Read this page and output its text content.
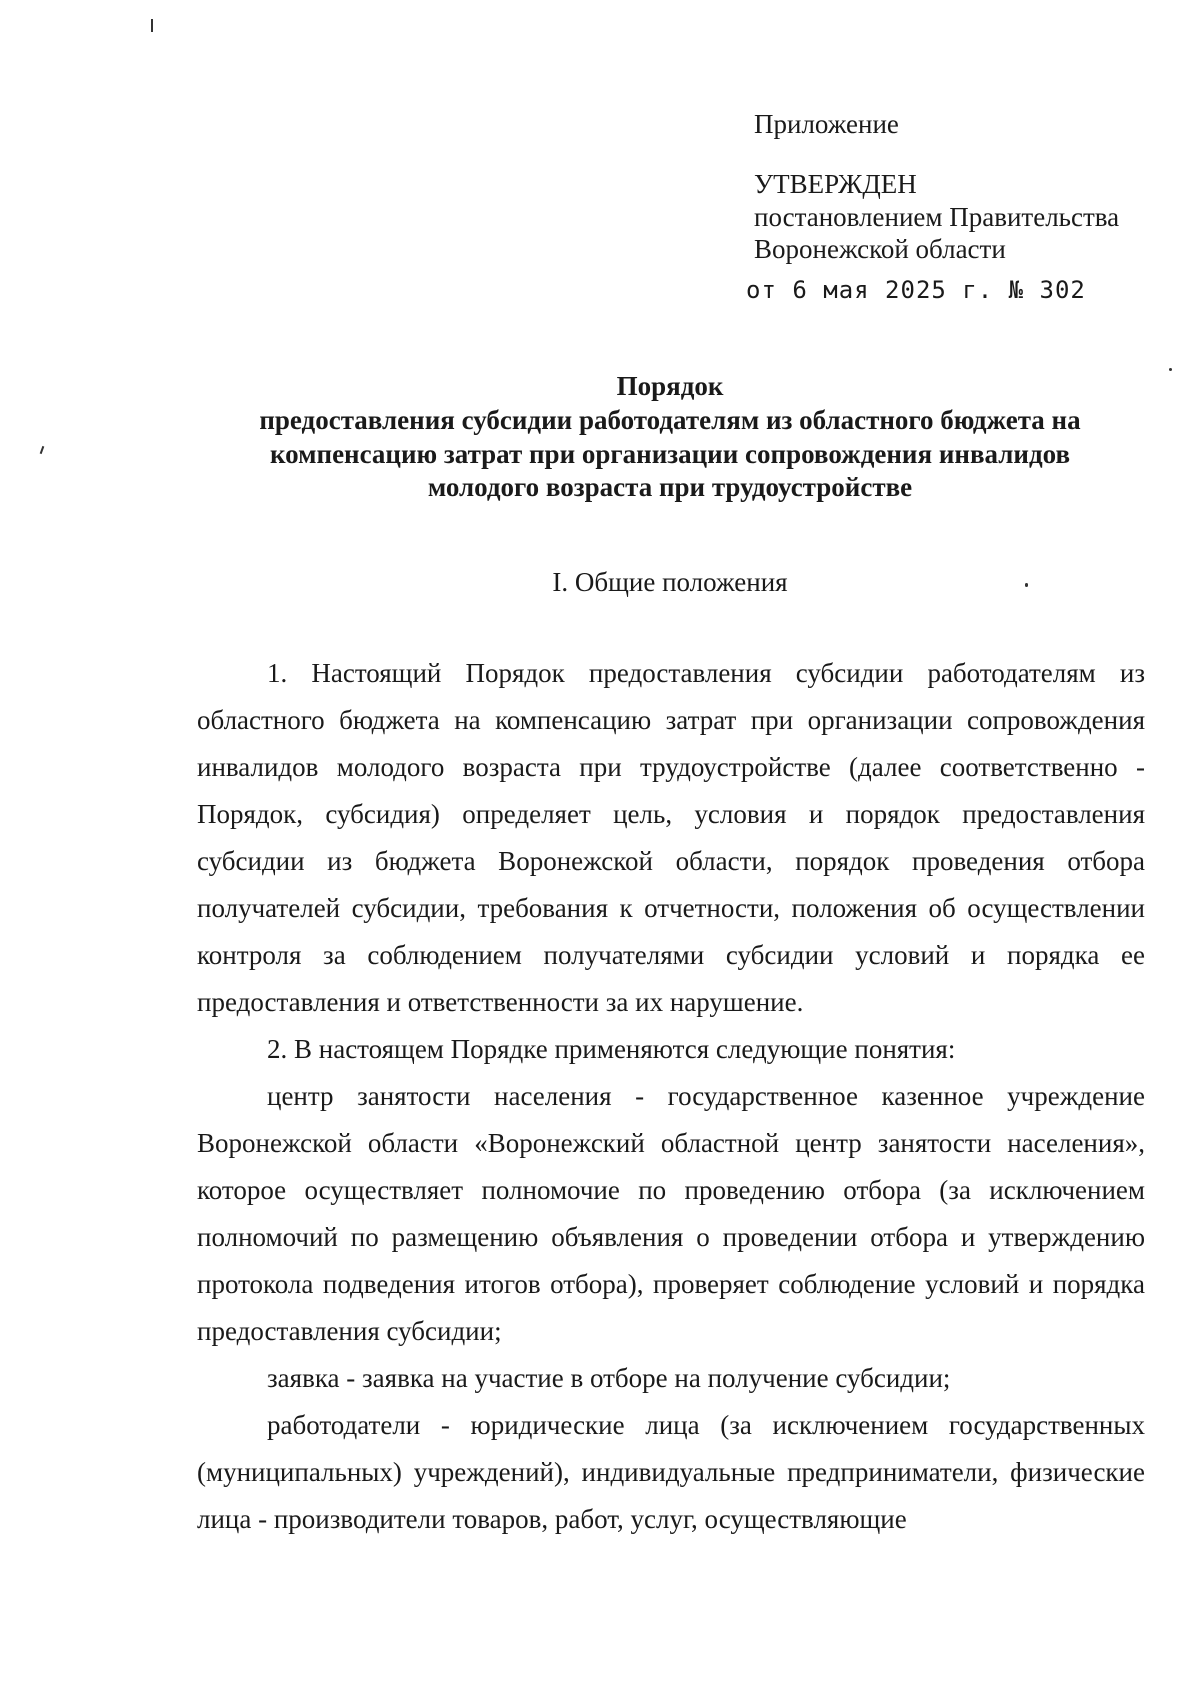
Приложение
УТВЕРЖДЕН
постановлением Правительства
Воронежской области
от 6 мая 2025 г. № 302
Порядок
предоставления субсидии работодателям из областного бюджета на
компенсацию затрат при организации сопровождения инвалидов
молодого возраста при трудоустройстве
I. Общие положения

1. Настоящий Порядок предоставления субсидии работодателям из областного бюджета на компенсацию затрат при организации сопровождения инвалидов молодого возраста при трудоустройстве (далее соответственно - Порядок, субсидия) определяет цель, условия и порядок предоставления субсидии из бюджета Воронежской области, порядок проведения отбора получателей субсидии, требования к отчетности, положения об осуществлении контроля за соблюдением получателями субсидии условий и порядка ее предоставления и ответственности за их нарушение.

2. В настоящем Порядке применяются следующие понятия:

центр занятости населения - государственное казенное учреждение Воронежской области «Воронежский областной центр занятости населения», которое осуществляет полномочие по проведению отбора (за исключением полномочий по размещению объявления о проведении отбора и утверждению протокола подведения итогов отбора), проверяет соблюдение условий и порядка предоставления субсидии;

заявка - заявка на участие в отборе на получение субсидии;

работодатели - юридические лица (за исключением государственных (муниципальных) учреждений), индивидуальные предприниматели, физические лица - производители товаров, работ, услуг, осуществляющие
